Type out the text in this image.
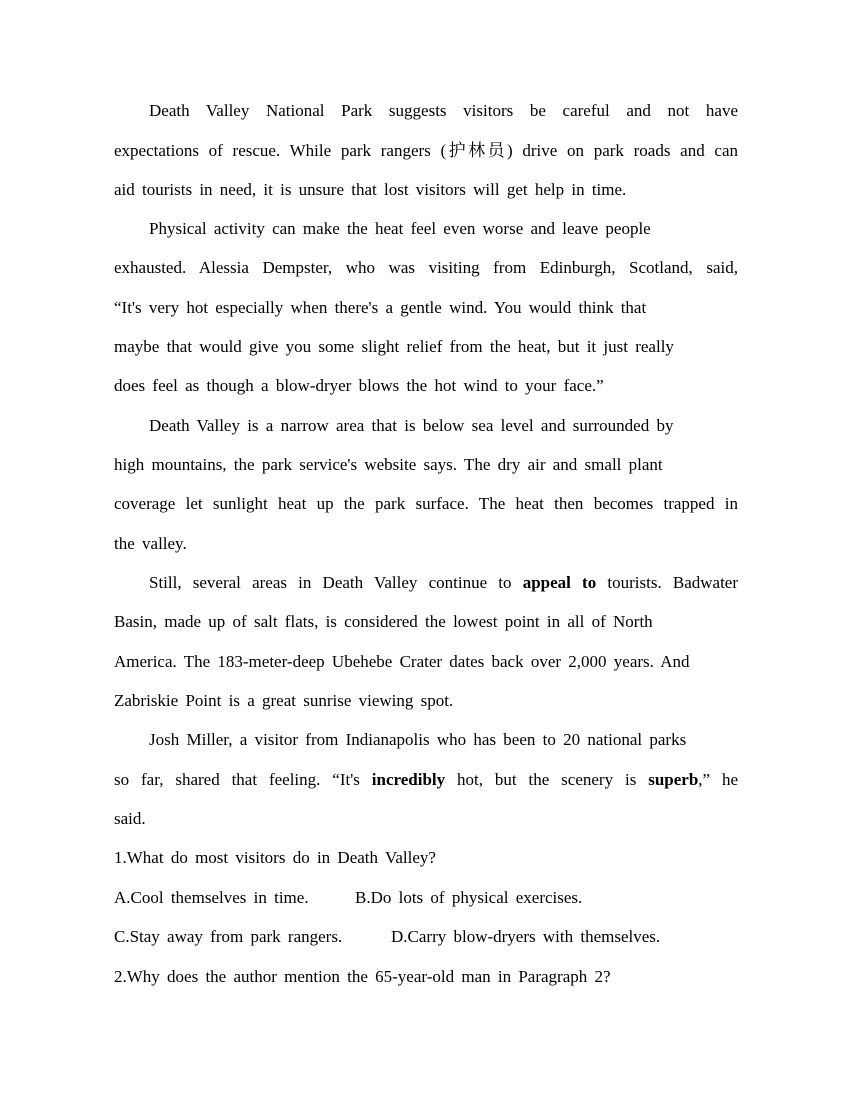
Death Valley National Park suggests visitors be careful and not have
expectations of rescue. While park rangers (护林员) drive on park roads and can
aid tourists in need, it is unsure that lost visitors will get help in time.
Physical activity can make the heat feel even worse and leave people
exhausted. Alessia Dempster, who was visiting from Edinburgh, Scotland, said,
“It's very hot especially when there's a gentle wind. You would think that
maybe that would give you some slight relief from the heat, but it just really
does feel as though a blow-dryer blows the hot wind to your face.”
Death Valley is a narrow area that is below sea level and surrounded by
high mountains, the park service's website says. The dry air and small plant
coverage let sunlight heat up the park surface. The heat then becomes trapped in
the valley.
Still, several areas in Death Valley continue to appeal to tourists. Badwater
Basin, made up of salt flats, is considered the lowest point in all of North
America. The 183-meter-deep Ubehebe Crater dates back over 2,000 years. And
Zabriskie Point is a great sunrise viewing spot.
Josh Miller, a visitor from Indianapolis who has been to 20 national parks
so far, shared that feeling. “It's incredibly hot, but the scenery is superb,” he
said.
1.What do most visitors do in Death Valley?
A.Cool themselves in time.	B.Do lots of physical exercises.
C.Stay away from park rangers.	D.Carry blow-dryers with themselves.
2.Why does the author mention the 65-year-old man in Paragraph 2?
